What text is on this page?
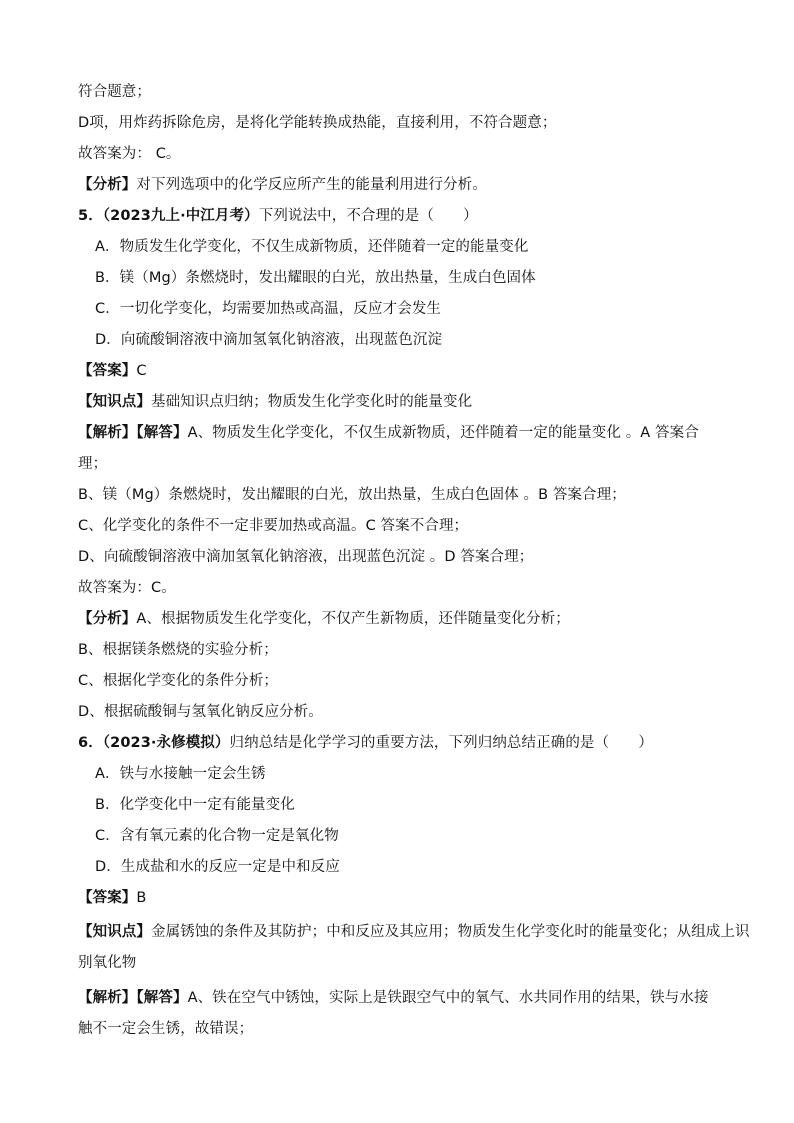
符合题意；
D项，用炸药拆除危房，是将化学能转换成热能，直接利用，不符合题意；
故答案为： C。
【分析】对下列选项中的化学反应所产生的能量利用进行分析。
5．（2023九上·中江月考）下列说法中，不合理的是（　　）
A．物质发生化学变化，不仅生成新物质，还伴随着一定的能量变化
B．镁（Mg）条燃烧时，发出耀眼的白光，放出热量，生成白色固体
C．一切化学变化，均需要加热或高温，反应才会发生
D．向硫酸铜溶液中滴加氢氧化钠溶液，出现蓝色沉淀
【答案】C
【知识点】基础知识点归纳；物质发生化学变化时的能量变化
【解析】【解答】A、物质发生化学变化，不仅生成新物质，还伴随着一定的能量变化 。A 答案合
理；
B、镁（Mg）条燃烧时，发出耀眼的白光，放出热量，生成白色固体 。B 答案合理；
C、化学变化的条件不一定非要加热或高温。C 答案不合理；
D、向硫酸铜溶液中滴加氢氧化钠溶液，出现蓝色沉淀 。D 答案合理；
故答案为：C。
【分析】A、根据物质发生化学变化，不仅产生新物质，还伴随量变化分析；
B、根据镁条燃烧的实验分析；
C、根据化学变化的条件分析；
D、根据硫酸铜与氢氧化钠反应分析。
6．（2023·永修模拟）归纳总结是化学学习的重要方法，下列归纳总结正确的是（　　）
A．铁与水接触一定会生锈
B．化学变化中一定有能量变化
C．含有氧元素的化合物一定是氧化物
D．生成盐和水的反应一定是中和反应
【答案】B
【知识点】金属锈蚀的条件及其防护；中和反应及其应用；物质发生化学变化时的能量变化；从组成上识
别氧化物
【解析】【解答】A、铁在空气中锈蚀，实际上是铁跟空气中的氧气、水共同作用的结果，铁与水接
触不一定会生锈，故错误；
